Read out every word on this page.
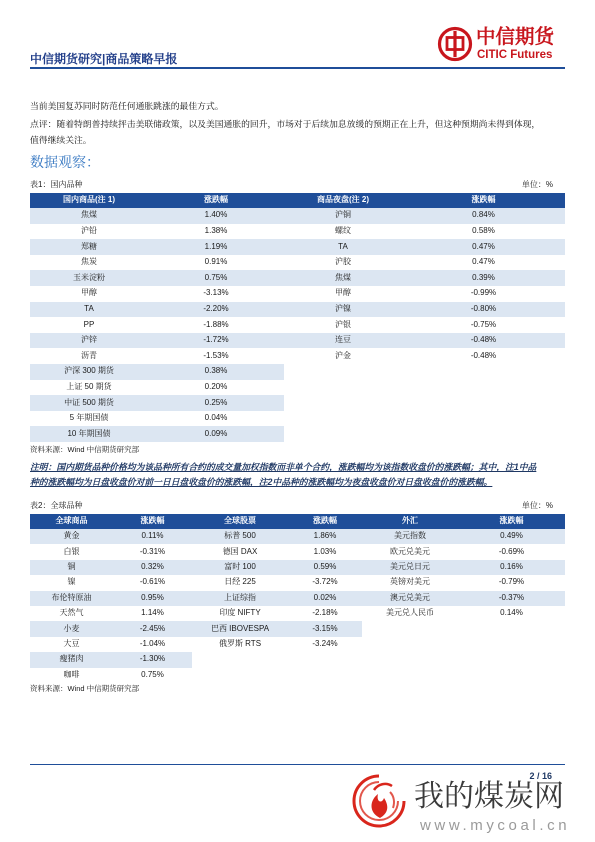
中信期货研究|商品策略早报
中信期货
CITIC Futures
当前美国复苏同时防范任何通胀跳涨的最佳方式。
点评：随着特朗普持续抨击美联储政策，以及美国通胀的回升，市场对于后续加息放缓的预期正在上升，但这种预期尚未得到体现，
值得继续关注。
数据观察：
表1：国内品种	单位：%
国内商品(注 1)	涨跌幅	商品夜盘(注 2)	涨跌幅
焦煤	1.40%	沪铜	0.84%
沪铅	1.38%	螺纹	0.58%
郑糖	1.19%	TA	0.47%
焦炭	0.91%	沪胶	0.47%
玉米淀粉	0.75%	焦煤	0.39%
甲醇	-3.13%	甲醇	-0.99%
TA	-2.20%	沪镍	-0.80%
PP	-1.88%	沪银	-0.75%
沪锌	-1.72%	连豆	-0.48%
沥青	-1.53%	沪金	-0.48%
沪深 300 期货	0.38%		
上证 50 期货	0.20%		
中证 500 期货	0.25%		
5 年期国债	0.04%		
10 年期国债	0.09%		
资料来源：Wind 中信期货研究部
注明：国内期货品种价格均为该品种所有合约的成交量加权指数而非单个合约，涨跌幅均为该指数收盘价的涨跌幅；其中，注1中品
种的涨跌幅均为日盘收盘价对前一日日盘收盘价的涨跌幅，注2中品种的涨跌幅均为夜盘收盘价对日盘收盘价的涨跌幅。
表2：全球品种	单位：%
全球商品	涨跌幅	全球股票	涨跌幅	外汇	涨跌幅
黄金	0.11%	标普 500	1.86%	美元指数	0.49%
白银	-0.31%	德国 DAX	1.03%	欧元兑美元	-0.69%
铜	0.32%	富时 100	0.59%	美元兑日元	0.16%
镍	-0.61%	日经 225	-3.72%	英镑对美元	-0.79%
布伦特原油	0.95%	上证综指	0.02%	澳元兑美元	-0.37%
天然气	1.14%	印度 NIFTY	-2.18%	美元兑人民币	0.14%
小麦	-2.45%	巴西 IBOVESPA	-3.15%		
大豆	-1.04%	俄罗斯 RTS	-3.24%		
瘦猪肉	-1.30%				
咖啡	0.75%				
资料来源：Wind 中信期货研究部
2 / 16
我的煤炭网
www.mycoal.cn
